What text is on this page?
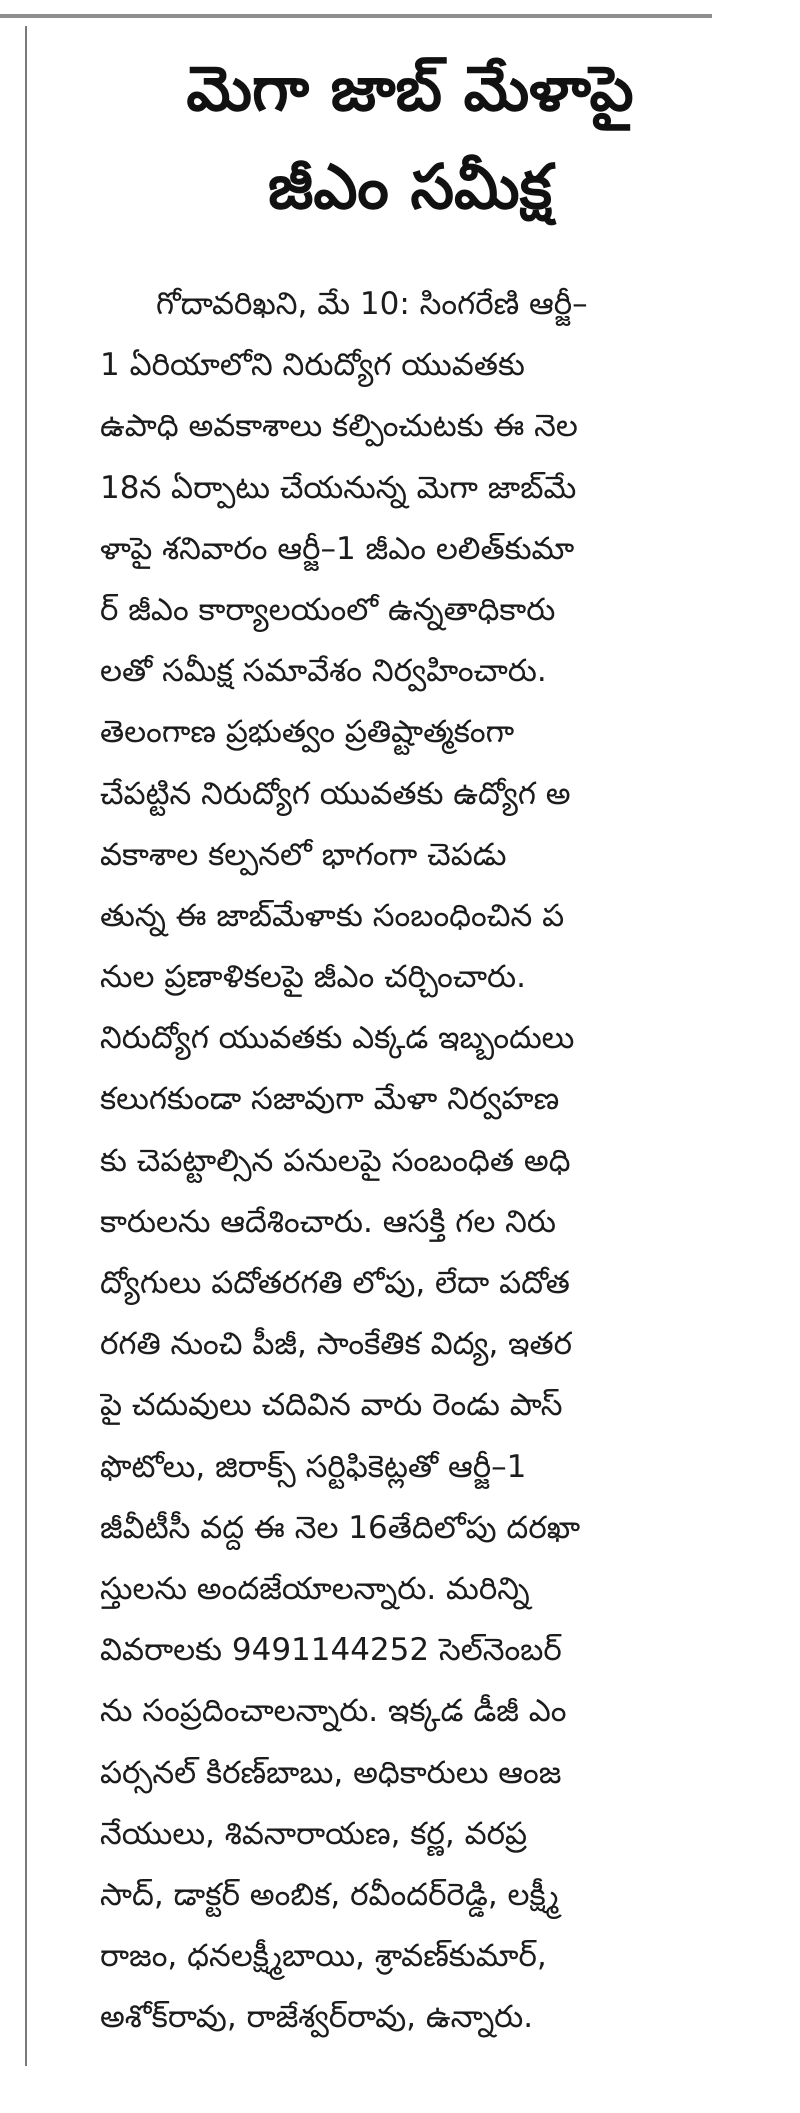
మెగా జాబ్‌ మేళాపై
జీఎం సమీక్ష
గోదావరిఖని, మే 10: సింగరేణి ఆర్జీ–
1 ఏరియాలోని నిరుద్యోగ యువతకు
ఉపాధి అవకాశాలు కల్పించుటకు ఈ నెల
18న ఏర్పాటు చేయనున్న మెగా జాబ్‌మే
ళాపై శనివారం ఆర్జీ–1 జీఎం లలిత్‌కుమా
ర్‌ జీఎం కార్యాలయంలో ఉన్నతాధికారు
లతో సమీక్ష సమావేశం నిర్వహించారు.
తెలంగాణ ప్రభుత్వం ప్రతిష్టాత్మకంగా
చేపట్టిన నిరుద్యోగ యువతకు ఉద్యోగ అ
వకాశాల కల్పనలో భాగంగా చెపడు
తున్న ఈ జాబ్‌మేళాకు సంబంధించిన ప
నుల ప్రణాళికలపై జీఎం చర్చించారు.
నిరుద్యోగ యువతకు ఎక్కడ ఇబ్బందులు
కలుగకుండా సజావుగా మేళా నిర్వహణ
కు చెపట్టాల్సిన పనులపై సంబంధిత అధి
కారులను ఆదేశించారు. ఆసక్తి గల నిరు
ద్యోగులు పదోతరగతి లోపు, లేదా పదోత
రగతి నుంచి పీజీ, సాంకేతిక విద్య, ఇతర
పై చదువులు చదివిన వారు రెండు పాస్‌
ఫొటోలు, జిరాక్స్‌ సర్టిఫికెట్లతో ఆర్జీ–1
జీవీటీసీ వద్ద ఈ నెల 16తేదిలోపు దరఖా
స్తులను అందజేయాలన్నారు. మరిన్ని
వివరాలకు 9491144252 సెల్‌నెంబర్‌
ను సంప్రదించాలన్నారు. ఇక్కడ డీజీ ఎం
పర్సనల్‌ కిరణ్‌బాబు, అధికారులు ఆంజ
నేయులు, శివనారాయణ, కర్ణ, వరప్ర
సాద్‌, డాక్టర్‌ అంబిక, రవీందర్‌రెడ్డి, లక్ష్మీ
రాజం, ధనలక్ష్మీబాయి, శ్రావణ్‌కుమార్‌,
అశోక్‌రావు, రాజేశ్వర్‌రావు, ఉన్నారు.
